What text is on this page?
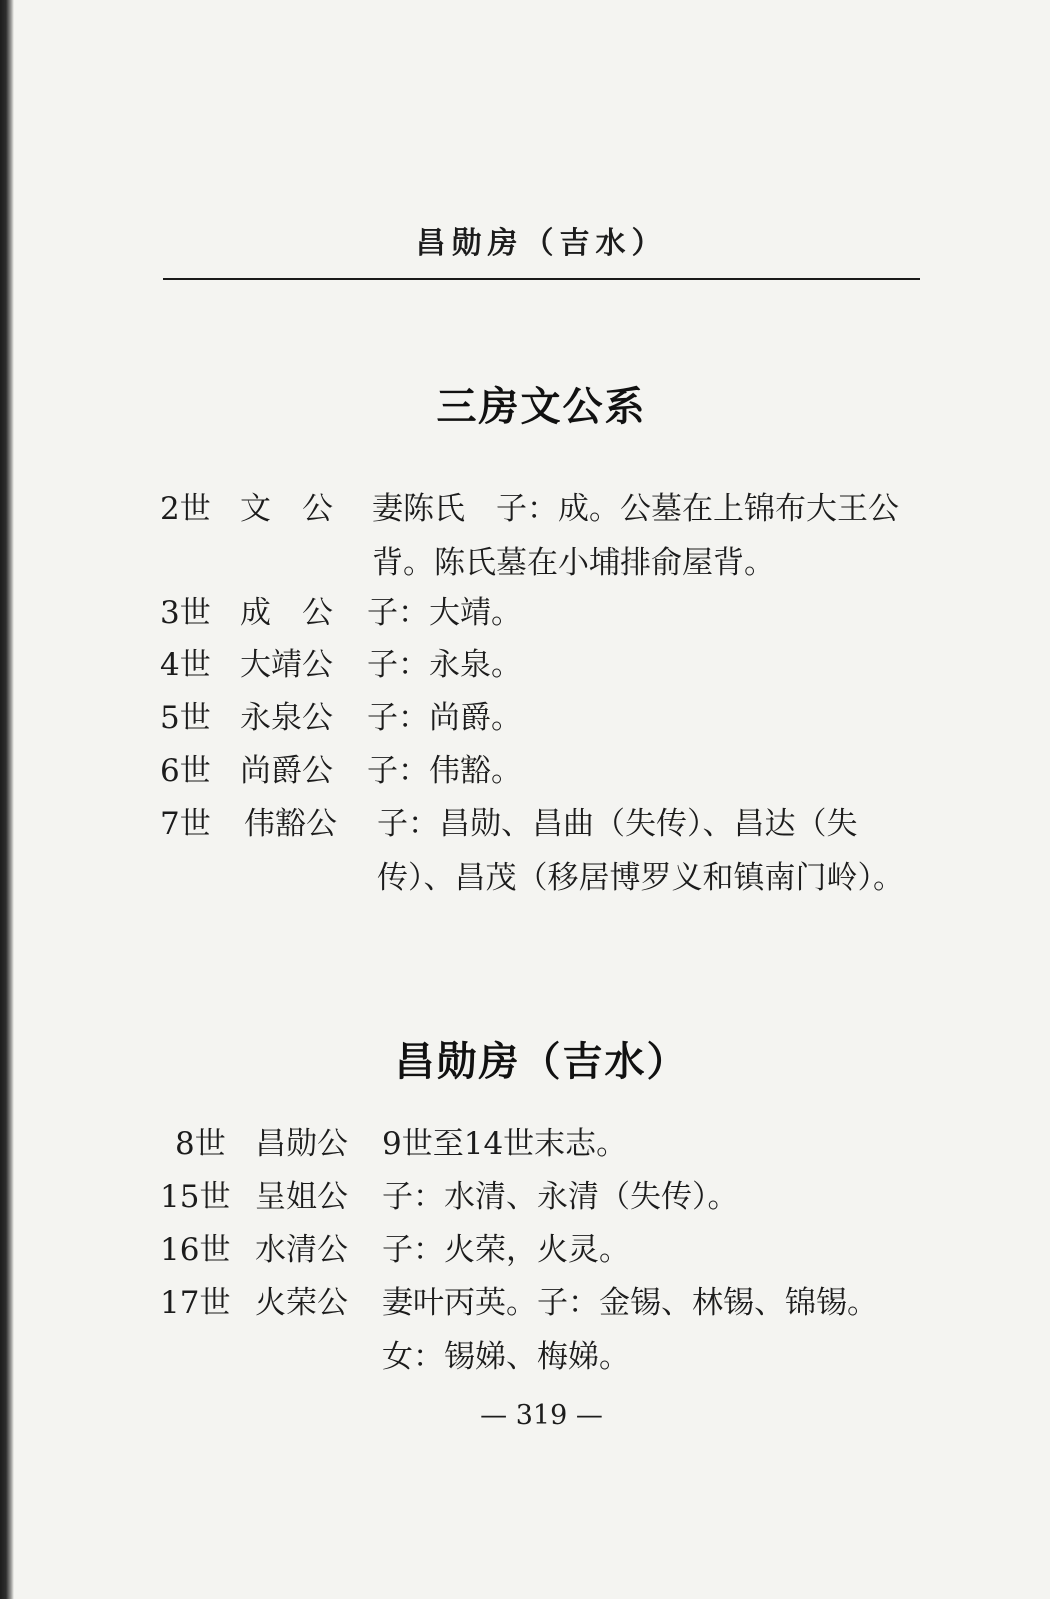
昌勋房（吉水）
三房文公系
2世 文　公 妻陈氏　子：成。公墓在上锦布大王公背。陈氏墓在小埔排俞屋背。
3世 成　公 子：大靖。
4世 大靖公 子：永泉。
5世 永泉公 子：尚爵。
6世 尚爵公 子：伟豁。
7世 伟豁公 子：昌勋、昌曲（失传）、昌达（失传）、昌茂（移居博罗义和镇南门岭）。
昌勋房（吉水）
8世 昌勋公 9世至14世末志。
15世 呈姐公 子：水清、永清（失传）。
16世 水清公 子：火荣，火灵。
17世 火荣公 妻叶丙英。子：金锡、林锡、锦锡。女：锡娣、梅娣。
— 319 —
